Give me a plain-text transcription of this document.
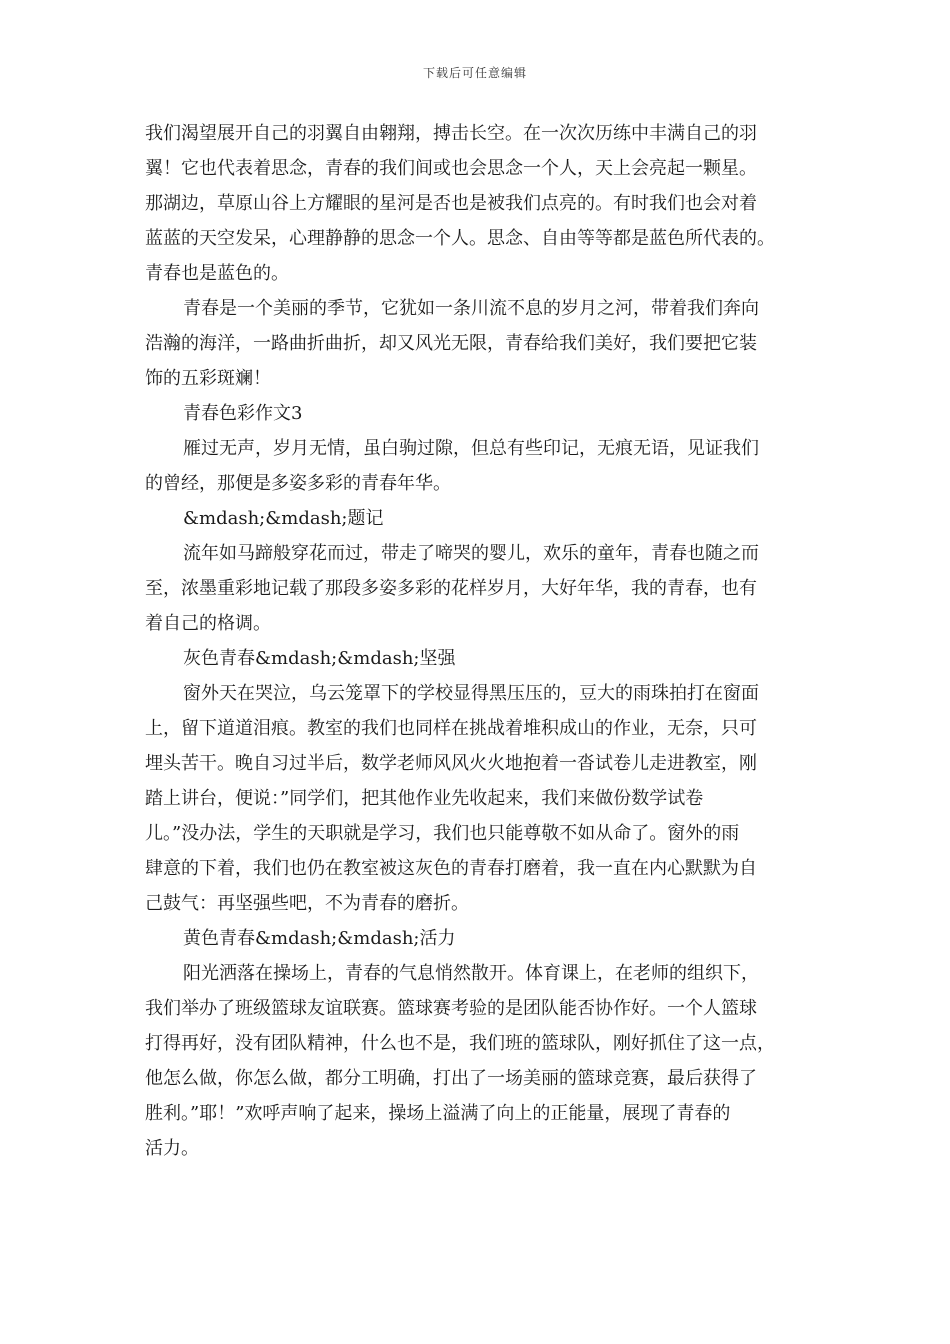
下载后可任意编辑

我们渴望展开自己的羽翼自由翱翔，搏击长空。在一次次历练中丰满自己的羽
翼！它也代表着思念，青春的我们间或也会思念一个人，天上会亮起一颗星。
那湖边，草原山谷上方耀眼的星河是否也是被我们点亮的。有时我们也会对着
蓝蓝的天空发呆，心理静静的思念一个人。思念、自由等等都是蓝色所代表的。
青春也是蓝色的。

青春是一个美丽的季节，它犹如一条川流不息的岁月之河，带着我们奔向
浩瀚的海洋，一路曲折曲折，却又风光无限，青春给我们美好，我们要把它装
饰的五彩斑斓！

青春色彩作文3

雁过无声，岁月无情，虽白驹过隙，但总有些印记，无痕无语，见证我们
的曾经，那便是多姿多彩的青春年华。

&mdash;&mdash;题记

流年如马蹄般穿花而过，带走了啼哭的婴儿，欢乐的童年，青春也随之而
至，浓墨重彩地记载了那段多姿多彩的花样岁月，大好年华，我的青春，也有
着自己的格调。

灰色青春&mdash;&mdash;坚强

窗外天在哭泣，乌云笼罩下的学校显得黑压压的，豆大的雨珠拍打在窗面
上，留下道道泪痕。教室的我们也同样在挑战着堆积成山的作业，无奈，只可
埋头苦干。晚自习过半后，数学老师风风火火地抱着一沓试卷儿走进教室，刚
踏上讲台，便说：”同学们，把其他作业先收起来，我们来做份数学试卷
儿。”没办法，学生的天职就是学习，我们也只能尊敬不如从命了。窗外的雨
肆意的下着，我们也仍在教室被这灰色的青春打磨着，我一直在内心默默为自
己鼓气：再坚强些吧，不为青春的磨折。

黄色青春&mdash;&mdash;活力

阳光洒落在操场上，青春的气息悄然散开。体育课上，在老师的组织下，
我们举办了班级篮球友谊联赛。篮球赛考验的是团队能否协作好。一个人篮球
打得再好，没有团队精神，什么也不是，我们班的篮球队，刚好抓住了这一点，
他怎么做，你怎么做，都分工明确，打出了一场美丽的篮球竞赛，最后获得了
胜利。”耶！”欢呼声响了起来，操场上溢满了向上的正能量，展现了青春的
活力。
